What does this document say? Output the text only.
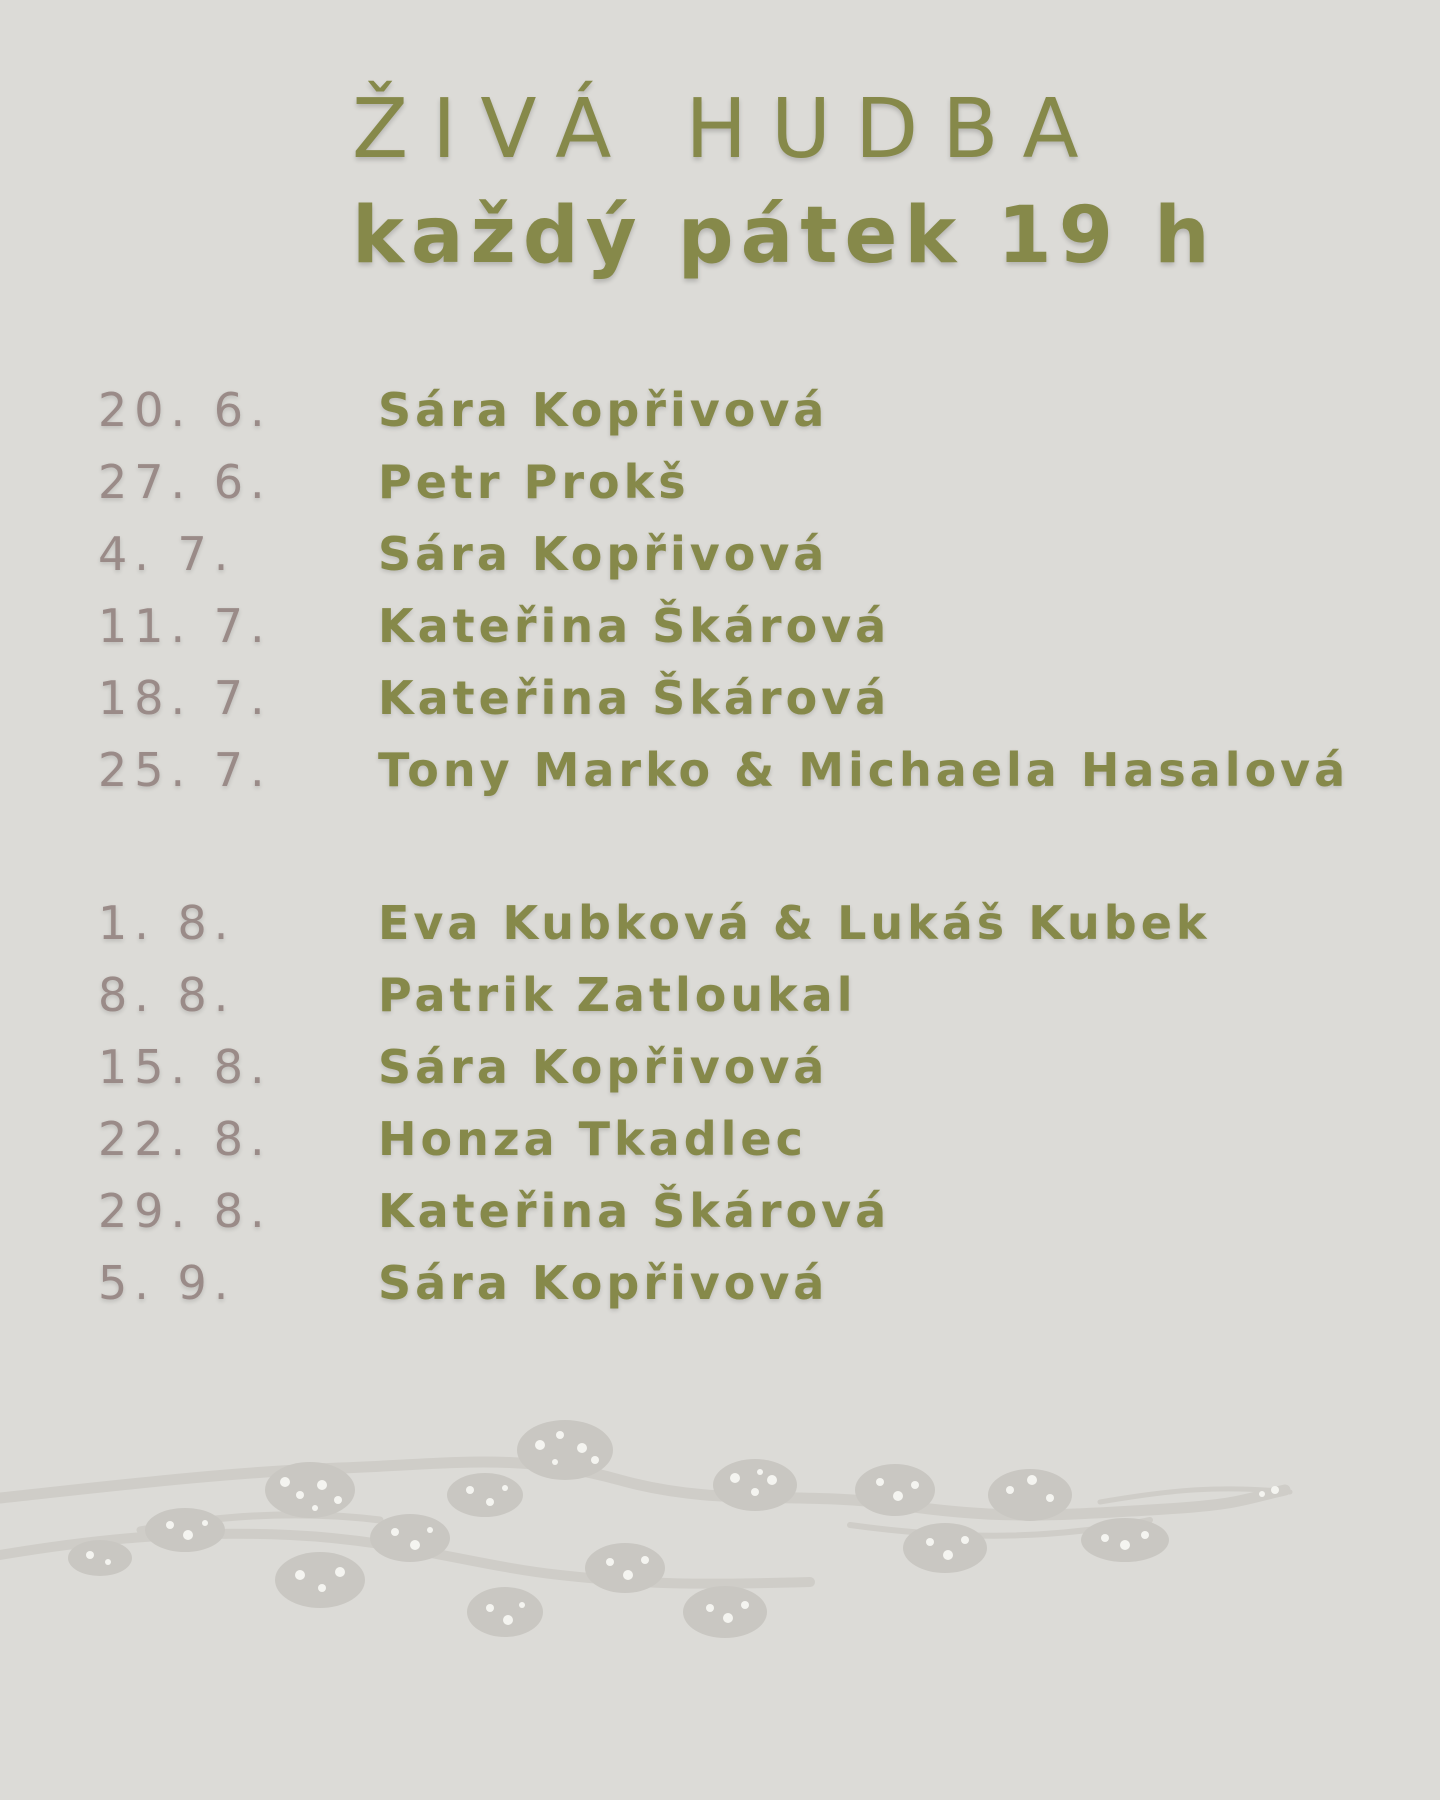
ŽIVÁ HUDBA
každý pátek 19 h
20. 6. Sára Kopřivová
27. 6. Petr Prokš
4. 7.	Sára Kopřivová
11. 7. Kateřina Škárová
18. 7. Kateřina Škárová
25. 7. Tony Marko & Michaela Hasalová
1. 8.	Eva Kubková & Lukáš Kubek
8. 8.	Patrik Zatloukal
15. 8. Sára Kopřivová
22. 8. Honza Tkadlec
29. 8. Kateřina Škárová
5. 9.	Sára Kopřivová
